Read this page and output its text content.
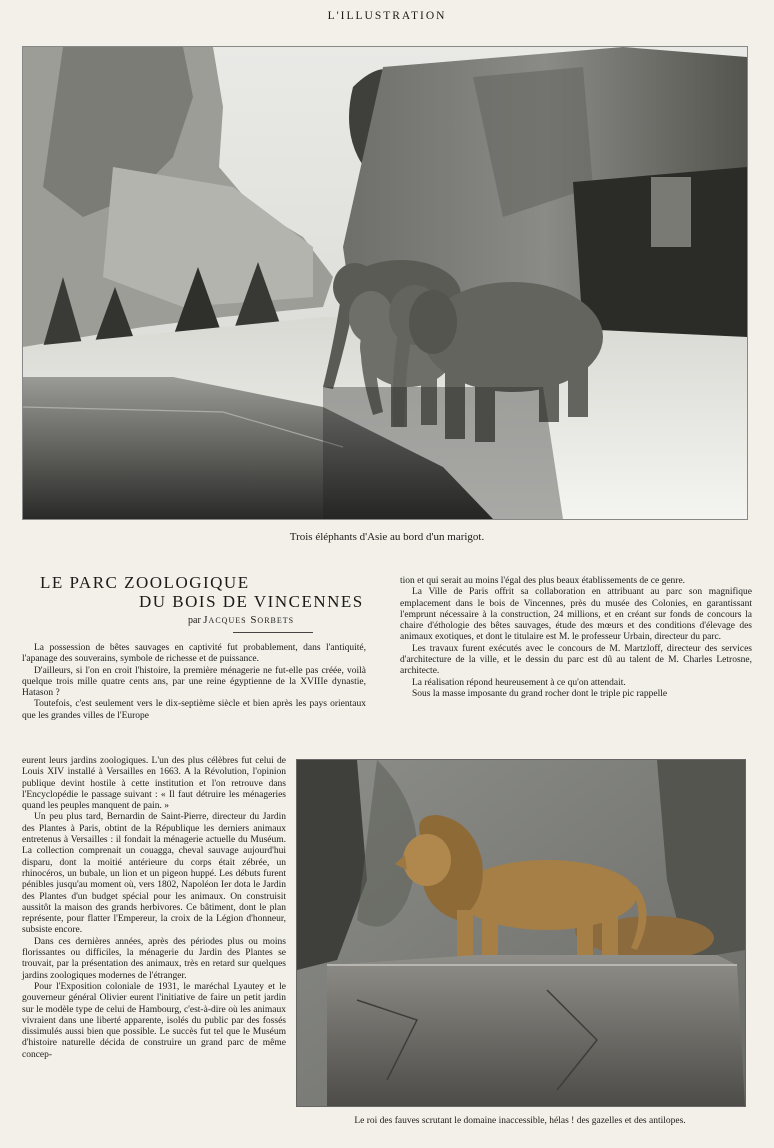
L'ILLUSTRATION
Trois éléphants d'Asie au bord d'un marigot.
LE PARC ZOOLOGIQUE
DU BOIS DE VINCENNES
par Jacques Sorbets

La possession de bêtes sauvages en captivité fut probablement, dans l'antiquité, l'apanage des souverains, symbole de richesse et de puissance.

D'ailleurs, si l'on en croit l'histoire, la première ménagerie ne fut-elle pas créée, voilà quelque trois mille quatre cents ans, par une reine égyptienne de la XVIIIe dynastie, Hatason ?

Toutefois, c'est seulement vers le dix-septième siècle et bien après les pays orientaux que les grandes villes de l'Europe

eurent leurs jardins zoologiques. L'un des plus célèbres fut celui de Louis XIV installé à Versailles en 1663. A la Révolution, l'opinion publique devint hostile à cette institution et l'on retrouve dans l'Encyclopédie le passage suivant : « Il faut détruire les ménageries quand les peuples manquent de pain. »

Un peu plus tard, Bernardin de Saint-Pierre, directeur du Jardin des Plantes à Paris, obtint de la République les derniers animaux entretenus à Versailles : il fondait la ménagerie actuelle du Muséum. La collection comprenait un couagga, cheval sauvage aujourd'hui disparu, dont la moitié antérieure du corps était zébrée, un rhinocéros, un bubale, un lion et un pigeon huppé. Les débuts furent pénibles jusqu'au moment où, vers 1802, Napoléon Ier dota le Jardin des Plantes d'un budget spécial pour les animaux. On construisit aussitôt la maison des grands herbivores. Ce bâtiment, dont le plan représente, pour flatter l'Empereur, la croix de la Légion d'honneur, subsiste encore.

Dans ces dernières années, après des périodes plus ou moins florissantes ou difficiles, la ménagerie du Jardin des Plantes se trouvait, par la présentation des animaux, très en retard sur quelques jardins zoologiques modernes de l'étranger.

Pour l'Exposition coloniale de 1931, le maréchal Lyautey et le gouverneur général Olivier eurent l'initiative de faire un petit jardin sur le modèle type de celui de Hambourg, c'est-à-dire où les animaux vivraient dans une liberté apparente, isolés du public par des fossés dissimulés aussi bien que possible. Le succès fut tel que le Muséum d'histoire naturelle décida de construire un grand parc de même concep-

tion et qui serait au moins l'égal des plus beaux établissements de ce genre.

La Ville de Paris offrit sa collaboration en attribuant au parc son magnifique emplacement dans le bois de Vincennes, près du musée des Colonies, en garantissant l'emprunt nécessaire à la construction, 24 millions, et en créant sur fonds de concours la chaire d'éthologie des bêtes sauvages, étude des mœurs et des conditions d'élevage des animaux exotiques, et dont le titulaire est M. le professeur Urbain, directeur du parc.

Les travaux furent exécutés avec le concours de M. Martzloff, directeur des services d'architecture de la ville, et le dessin du parc est dû au talent de M. Charles Letrosne, architecte.

La réalisation répond heureusement à ce qu'on attendait.

Sous la masse imposante du grand rocher dont le triple pic rappelle

Le roi des fauves scrutant le domaine inaccessible, hélas ! des gazelles et des antilopes.
